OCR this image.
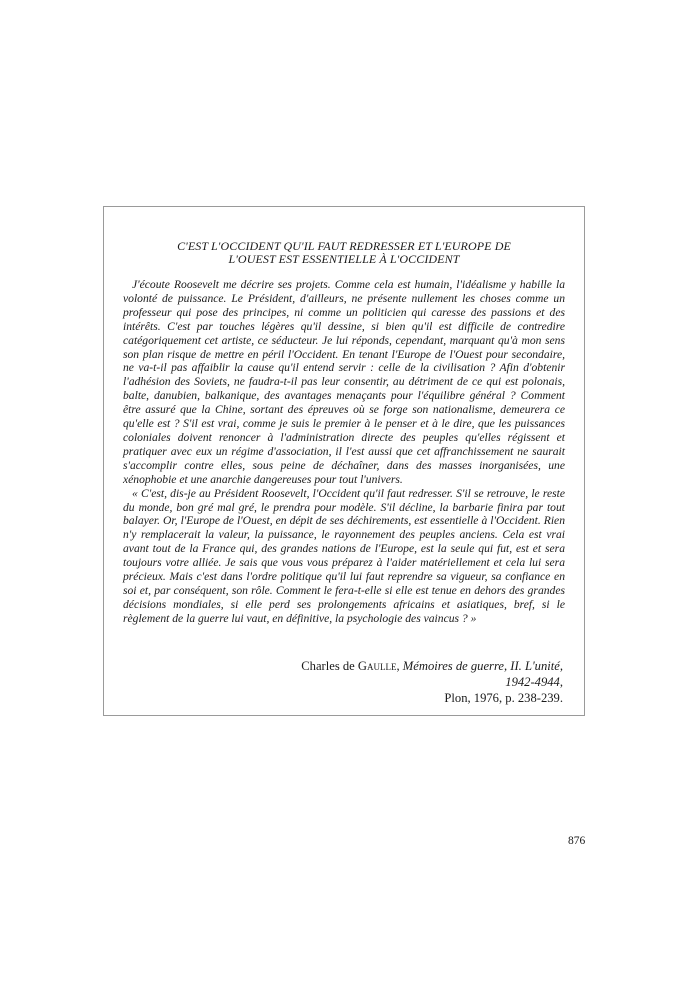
C'EST L'OCCIDENT QU'IL FAUT REDRESSER ET L'EUROPE DE
L'OUEST EST ESSENTIELLE À L'OCCIDENT

J'écoute Roosevelt me décrire ses projets. Comme cela est humain, l'idéalisme y habille la volonté de puissance. Le Président, d'ailleurs, ne présente nullement les choses comme un professeur qui pose des principes, ni comme un politicien qui caresse des passions et des intérêts. C'est par touches légères qu'il dessine, si bien qu'il est difficile de contredire catégoriquement cet artiste, ce séducteur. Je lui réponds, cependant, marquant qu'à mon sens son plan risque de mettre en péril l'Occident. En tenant l'Europe de l'Ouest pour secondaire, ne va-t-il pas affaiblir la cause qu'il entend servir : celle de la civilisation ? Afin d'obtenir l'adhésion des Soviets, ne faudra-t-il pas leur consentir, au détriment de ce qui est polonais, balte, danubien, balkanique, des avantages menaçants pour l'équilibre général ? Comment être assuré que la Chine, sortant des épreuves où se forge son nationalisme, demeurera ce qu'elle est ? S'il est vrai, comme je suis le premier à le penser et à le dire, que les puissances coloniales doivent renoncer à l'administration directe des peuples qu'elles régissent et pratiquer avec eux un régime d'association, il l'est aussi que cet affranchissement ne saurait s'accomplir contre elles, sous peine de déchaîner, dans des masses inorganisées, une xénophobie et une anarchie dangereuses pour tout l'univers.

« C'est, dis-je au Président Roosevelt, l'Occident qu'il faut redresser. S'il se retrouve, le reste du monde, bon gré mal gré, le prendra pour modèle. S'il décline, la barbarie finira par tout balayer. Or, l'Europe de l'Ouest, en dépit de ses déchirements, est essentielle à l'Occident. Rien n'y remplacerait la valeur, la puissance, le rayonnement des peuples anciens. Cela est vrai avant tout de la France qui, des grandes nations de l'Europe, est la seule qui fut, est et sera toujours votre alliée. Je sais que vous vous préparez à l'aider matériellement et cela lui sera précieux. Mais c'est dans l'ordre politique qu'il lui faut reprendre sa vigueur, sa confiance en soi et, par conséquent, son rôle. Comment le fera-t-elle si elle est tenue en dehors des grandes décisions mondiales, si elle perd ses prolongements africains et asiatiques, bref, si le règlement de la guerre lui vaut, en définitive, la psychologie des vaincus ? »

Charles de Gaulle, Mémoires de guerre, II. L'unité, 1942-4944,
Plon, 1976, p. 238-239.
876
